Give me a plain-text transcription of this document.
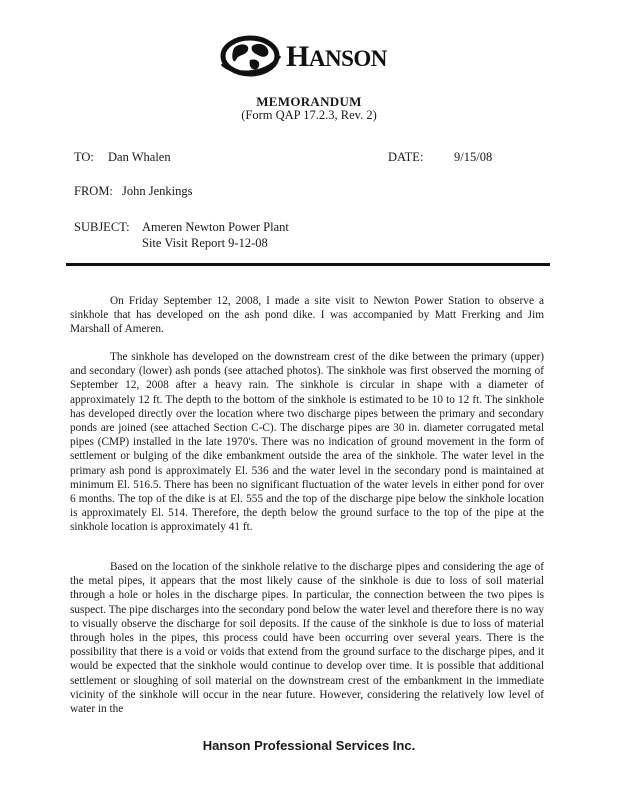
HANSON
MEMORANDUM
(Form QAP 17.2.3, Rev. 2)
TO: Dan Whalen	DATE: 9/15/08
FROM: John Jenkings
SUBJECT: Ameren Newton Power Plant
Site Visit Report 9-12-08

On Friday September 12, 2008, I made a site visit to Newton Power Station to observe a sinkhole that has developed on the ash pond dike. I was accompanied by Matt Frerking and Jim Marshall of Ameren.

The sinkhole has developed on the downstream crest of the dike between the primary (upper) and secondary (lower) ash ponds (see attached photos). The sinkhole was first observed the morning of September 12, 2008 after a heavy rain. The sinkhole is circular in shape with a diameter of approximately 12 ft. The depth to the bottom of the sinkhole is estimated to be 10 to 12 ft. The sinkhole has developed directly over the location where two discharge pipes between the primary and secondary ponds are joined (see attached Section C-C). The discharge pipes are 30 in. diameter corrugated metal pipes (CMP) installed in the late 1970's. There was no indication of ground movement in the form of settlement or bulging of the dike embankment outside the area of the sinkhole. The water level in the primary ash pond is approximately El. 536 and the water level in the secondary pond is maintained at minimum El. 516.5. There has been no significant fluctuation of the water levels in either pond for over 6 months. The top of the dike is at El. 555 and the top of the discharge pipe below the sinkhole location is approximately El. 514. Therefore, the depth below the ground surface to the top of the pipe at the sinkhole location is approximately 41 ft.

Based on the location of the sinkhole relative to the discharge pipes and considering the age of the metal pipes, it appears that the most likely cause of the sinkhole is due to loss of soil material through a hole or holes in the discharge pipes. In particular, the connection between the two pipes is suspect. The pipe discharges into the secondary pond below the water level and therefore there is no way to visually observe the discharge for soil deposits. If the cause of the sinkhole is due to loss of material through holes in the pipes, this process could have been occurring over several years. There is the possibility that there is a void or voids that extend from the ground surface to the discharge pipes, and it would be expected that the sinkhole would continue to develop over time. It is possible that additional settlement or sloughing of soil material on the downstream crest of the embankment in the immediate vicinity of the sinkhole will occur in the near future. However, considering the relatively low level of water in the

Hanson Professional Services Inc.
